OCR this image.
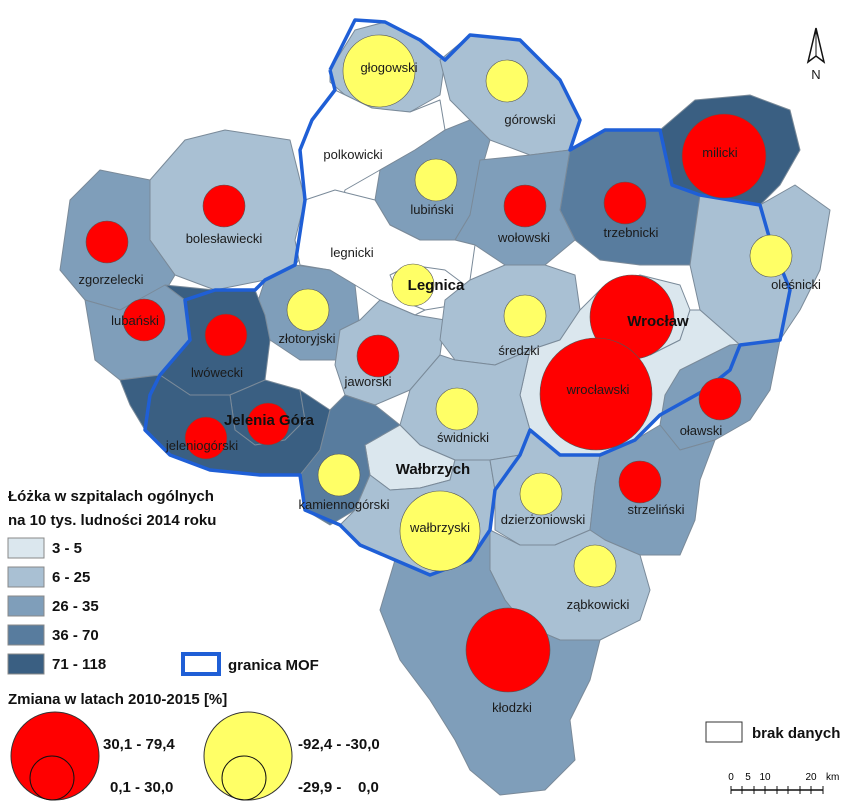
głogowski
polkowicki
górowski
milicki
bolesławiecki
lubiński
wołowski	trzebnicki
zgorzelecki
legnicki
oleśnicki
Legnica
lubański
złotoryjski
Wrocław
lwówecki
średzki
jaworski
wrocławski
oławski
Jelenia Góra
świdnicki
jeleniogórski
Wałbrzych
kamiennogórski	strzeliński
dzierżoniowski
wałbrzyski
ząbkowicki
kłodzki
N
Łóżka w szpitalach ogólnych
na 10 tys. ludności 2014 roku
3 - 5
6 - 25
26 - 35
36 - 70
71 - 118	granica MOF
Zmiana w latach 2010-2015 [%]
30,1 - 79,4
0,1 - 30,0
-92,4 - -30,0
-29,9 -    0,0
brak danych
0 5 10	20 km
